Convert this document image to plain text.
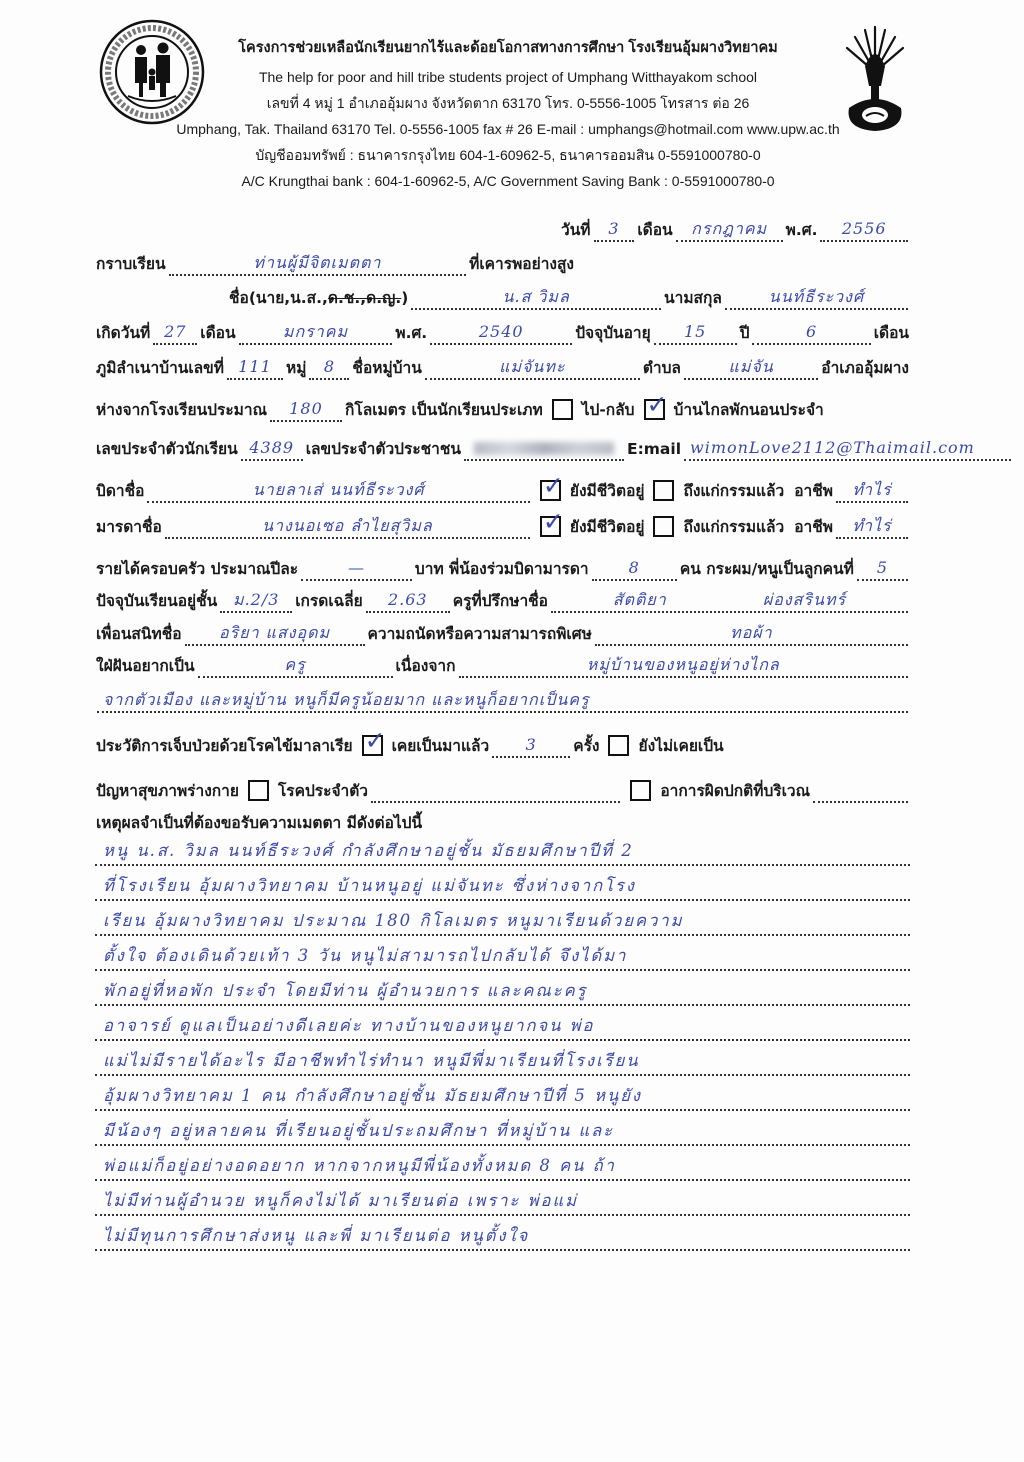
โครงการช่วยเหลือนักเรียนยากไร้และด้อยโอกาสทางการศึกษา โรงเรียนอุ้มผางวิทยาคม
The help for poor and hill tribe students project of Umphang Witthayakom school
เลขที่ 4 หมู่ 1 อำเภออุ้มผาง จังหวัดตาก 63170 โทร. 0-5556-1005 โทรสาร ต่อ 26
Umphang, Tak. Thailand 63170 Tel. 0-5556-1005 fax # 26 E-mail : umphangs@hotmail.com www.upw.ac.th
บัญชีออมทรัพย์ : ธนาคารกรุงไทย 604-1-60962-5, ธนาคารออมสิน 0-5591000780-0
A/C Krungthai bank : 604-1-60962-5, A/C Government Saving Bank : 0-5591000780-0
วันที่	3 ​	เดือน	กรกฎาคม ​	พ.ศ.	2556 ​
กราบเรียน	ท่านผู้มีจิตเมตตา ​	ที่เคารพอย่างสูง
ชื่อ(นาย,น.ส.,ด.ช.,ด.ญ.)	น.ส วิมล ​	นามสกุล	นนท์ธีระวงศ์ ​
เกิดวันที่ 27 ​ เดือน	มกราคม ​	พ.ศ.	2540 ​	ปัจจุบันอายุ	15 ​	ปี	6 ​	เดือน
ภูมิลำเนาบ้านเลขที่ 111 ​ หมู่	8 ​	ชื่อหมู่บ้าน	แม่จันทะ ​	ตำบล	แม่จัน ​	อำเภออุ้มผาง
ห่างจากโรงเรียนประมาณ	180 ​	กิโลเมตร เป็นนักเรียนประเภท	ไป-กลับ ✓	บ้านไกลพักนอนประจำ
เลขประจำตัวนักเรียน 4389 ​ เลขประจำตัวประชาชน ​	E:mail wimonLove2112@Thaimail.com ​
บิดาชื่อ	นายลาเส่ นนท์ธีระวงศ์ ​ ✓	ยังมีชีวิตอยู่	ถึงแก่กรรมแล้ว อาชีพ	ทำไร่ ​
มารดาชื่อ	นางนอเซอ ลำไยสุวิมล ​ ✓	ยังมีชีวิตอยู่	ถึงแก่กรรมแล้ว อาชีพ	ทำไร่ ​
รายได้ครอบครัว ประมาณปีละ	— ​	บาท พี่น้องร่วมบิดามารดา	8 ​	คน กระผม/หนูเป็นลูกคนที่	5 ​
ปัจจุบันเรียนอยู่ชั้น ม.2/3 ​	เกรดเฉลี่ย	2.63 ​	ครูที่ปรึกษาชื่อ	สัตติยา ผ่องสรินทร์ ​
เพื่อนสนิทชื่อ	อริยา แสงอุดม ​	ความถนัดหรือความสามารถพิเศษ	ทอผ้า ​
ใฝ่ฝันอยากเป็น	ครู ​	เนื่องจาก	หมู่บ้านของหนูอยู่ห่างไกล ​
จากตัวเมือง และหมู่บ้าน หนูก็มีครูน้อยมาก และหนูก็อยากเป็นครู ​
ประวัติการเจ็บป่วยด้วยโรคไข้มาลาเรีย ✓	เคยเป็นมาแล้ว	3 ​	ครั้ง	ยังไม่เคยเป็น
ปัญหาสุขภาพร่างกาย	โรคประจำตัว ​	อาการผิดปกติที่บริเวณ
​
เหตุผลจำเป็นที่ต้องขอรับความเมตตา มีดังต่อไปนี้
หนู น.ส. วิมล นนท์ธีระวงศ์ กำลังศึกษาอยู่ชั้น มัธยมศึกษาปีที่ 2
ที่โรงเรียน อุ้มผางวิทยาคม บ้านหนูอยู่ แม่จันทะ ซึ่งห่างจากโรง
เรียน อุ้มผางวิทยาคม ประมาณ 180 กิโลเมตร หนูมาเรียนด้วยความ
ตั้งใจ ต้องเดินด้วยเท้า 3 วัน หนูไม่สามารถไปกลับได้ จึงได้มา
พักอยู่ที่หอพัก ประจำ โดยมีท่าน ผู้อำนวยการ และคณะครู
อาจารย์ ดูแลเป็นอย่างดีเลยค่ะ ทางบ้านของหนูยากจน พ่อ
แม่ไม่มีรายได้อะไร มีอาชีพทำไร่ทำนา หนูมีพี่มาเรียนที่โรงเรียน
อุ้มผางวิทยาคม 1 คน กำลังศึกษาอยู่ชั้น มัธยมศึกษาปีที่ 5 หนูยัง
มีน้องๆ อยู่หลายคน ที่เรียนอยู่ชั้นประถมศึกษา ที่หมู่บ้าน และ
พ่อแม่ก็อยู่อย่างอดอยาก หากจากหนูมีพี่น้องทั้งหมด 8 คน ถ้า
ไม่มีท่านผู้อำนวย หนูก็คงไม่ได้ มาเรียนต่อ เพราะ พ่อแม่
ไม่มีทุนการศึกษาส่งหนู และพี่ มาเรียนต่อ หนูตั้งใจ
